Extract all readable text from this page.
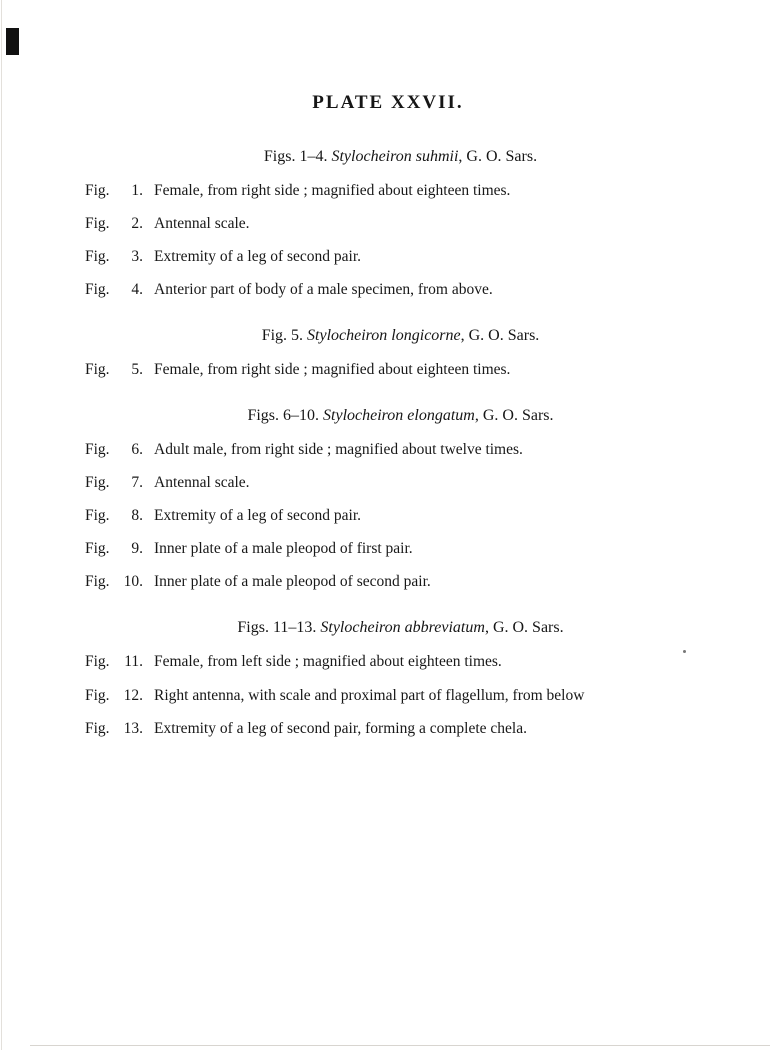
PLATE XXVII.
Figs. 1–4. Stylocheiron suhmii, G. O. Sars.
Fig.	1. Female, from right side ; magnified about eighteen times.
Fig.	2. Antennal scale.
Fig.	3. Extremity of a leg of second pair.
Fig.	4. Anterior part of body of a male specimen, from above.
Fig. 5. Stylocheiron longicorne, G. O. Sars.
Fig.	5. Female, from right side ; magnified about eighteen times.
Figs. 6–10. Stylocheiron elongatum, G. O. Sars.
Fig.	6. Adult male, from right side ; magnified about twelve times.
Fig.	7. Antennal scale.
Fig.	8. Extremity of a leg of second pair.
Fig.	9. Inner plate of a male pleopod of first pair.
Fig. 10. Inner plate of a male pleopod of second pair.
Figs. 11–13. Stylocheiron abbreviatum, G. O. Sars.
Fig. 11. Female, from left side ; magnified about eighteen times.
Fig. 12. Right antenna, with scale and proximal part of flagellum, from below
Fig. 13. Extremity of a leg of second pair, forming a complete chela.
